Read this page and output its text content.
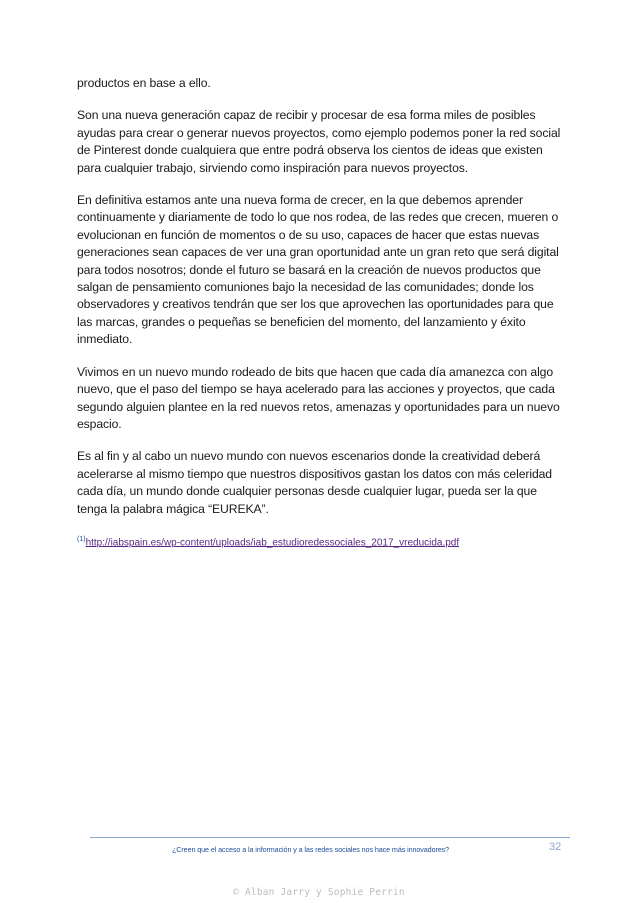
productos en base a ello.

Son una nueva generación capaz de recibir y procesar de esa forma miles de posibles ayudas para crear o generar nuevos proyectos, como ejemplo podemos poner la red social de Pinterest donde cualquiera que entre podrá observa los cientos de ideas que existen para cualquier trabajo, sirviendo como inspiración para nuevos proyectos.

En definitiva estamos ante una nueva forma de crecer, en la que debemos aprender continuamente y diariamente de todo lo que nos rodea, de las redes que crecen, mueren o evolucionan en función de momentos o de su uso, capaces de hacer que estas nuevas generaciones sean capaces de ver una gran oportunidad ante un gran reto que será digital para todos nosotros; donde el futuro se basará en la creación de nuevos productos que salgan de pensamiento comuniones bajo la necesidad de las comunidades; donde los observadores y creativos tendrán que ser los que aprovechen las oportunidades para que las marcas, grandes o pequeñas se beneficien del momento, del lanzamiento y éxito inmediato.

Vivimos en un nuevo mundo rodeado de bits que hacen que cada día amanezca con algo nuevo, que el paso del tiempo se haya acelerado para las acciones y proyectos, que cada segundo alguien plantee en la red nuevos retos, amenazas y oportunidades para un nuevo espacio.

Es al fin y al cabo un nuevo mundo con nuevos escenarios donde la creatividad deberá acelerarse al mismo tiempo que nuestros dispositivos gastan los datos con más celeridad cada día, un mundo donde cualquier personas desde cualquier lugar, pueda ser la que tenga la palabra mágica “EUREKA”.

$^{(1)}$http://iabspain.es/wp-content/uploads/iab_estudioredessociales_2017_vreducida.pdf

¿Creen que el acceso a la información y a las redes sociales nos hace más innovadores?	32
© Alban Jarry y Sophie Perrin
